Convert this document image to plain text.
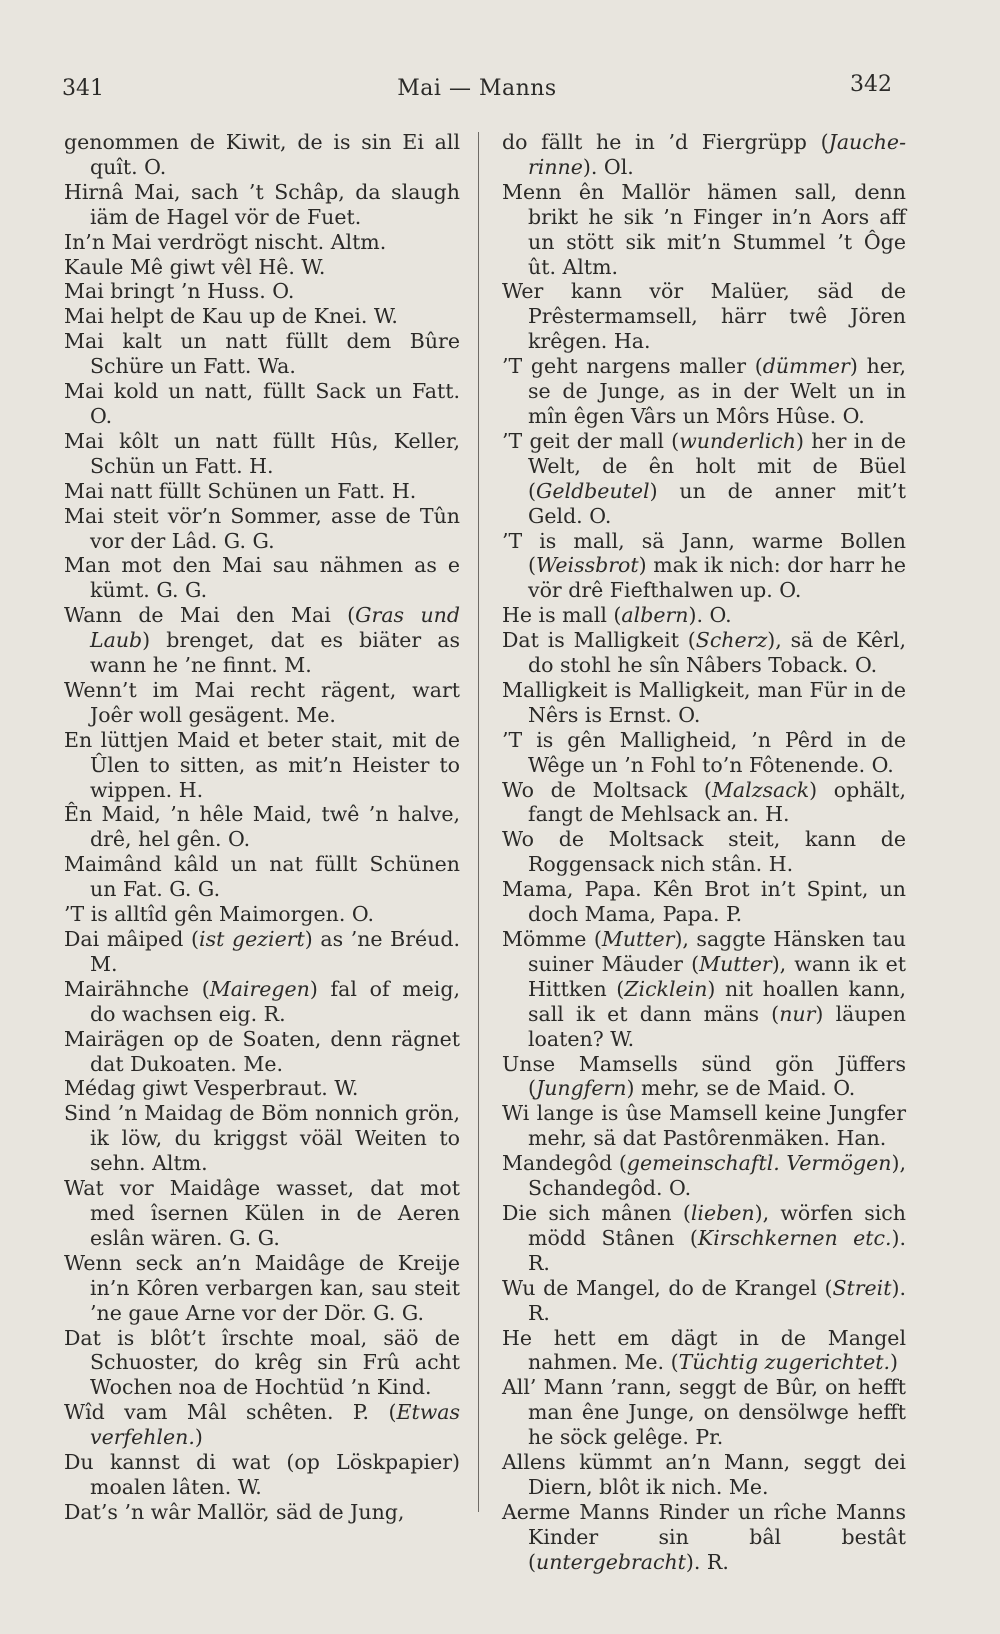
341	Mai — Manns	342

genommen de Kiwit, de is sin Ei all quît. O.

Hirnâ Mai, sach ’t Schâp, da slaugh iäm de Hagel vör de Fuet.

In’n Mai verdrögt nischt. Altm.

Kaule Mê giwt vêl Hê. W.

Mai bringt ’n Huss. O.

Mai helpt de Kau up de Knei. W.

Mai kalt un natt füllt dem Bûre Schüre un Fatt. Wa.

Mai kold un natt, füllt Sack un Fatt. O.

Mai kôlt un natt füllt Hûs, Keller, Schün un Fatt. H.

Mai natt füllt Schünen un Fatt. H.

Mai steit vör’n Sommer, asse de Tûn vor der Lâd. G. G.

Man mot den Mai sau nähmen as e kümt. G. G.

Wann de Mai den Mai (Gras und Laub) brenget, dat es biäter as wann he ’ne finnt. M.

Wenn’t im Mai recht rägent, wart Joêr woll gesägent. Me.

En lüttjen Maid et beter stait, mit de Ûlen to sitten, as mit’n Heister to wippen. H.

Ên Maid, ’n hêle Maid, twê ’n halve, drê, hel gên. O.

Maimând kâld un nat füllt Schünen un Fat. G. G.

’T is alltîd gên Maimorgen. O.

Dai mâiped (ist geziert) as ’ne Bréud. M.

Mairähnche (Mairegen) fal of meig, do wachsen eig. R.

Mairägen op de Soaten, denn rägnet dat Dukoaten. Me.

Médag giwt Vesperbraut. W.

Sind ’n Maidag de Böm nonnich grön, ik löw, du kriggst vöäl Weiten to sehn. Altm.

Wat vor Maidâge wasset, dat mot med îsernen Külen in de Aeren eslân wären. G. G.

Wenn seck an’n Maidâge de Kreije in’n Kôren verbargen kan, sau steit ’ne gaue Arne vor der Dör. G. G.

Dat is blôt’t îrschte moal, säö de Schuoster, do krêg sin Frû acht Wochen noa de Hochtüd ’n Kind.

Wîd vam Mâl schêten. P. (Etwas verfehlen.)

Du kannst di wat (op Löskpapier) moalen lâten. W.

Dat’s ’n wâr Mallör, säd de Jung,

do fällt he in ’d Fiergrüpp (Jauche-rinne). Ol.

Menn ên Mallör hämen sall, denn brikt he sik ’n Finger in’n Aors aff un stött sik mit’n Stummel ’t Ôge ût. Altm.

Wer kann vör Malüer, säd de Prêstermamsell, härr twê Jören krêgen. Ha.

’T geht nargens maller (dümmer) her, se de Junge, as in der Welt un in mîn êgen Vârs un Môrs Hûse. O.

’T geit der mall (wunderlich) her in de Welt, de ên holt mit de Büel (Geldbeutel) un de anner mit’t Geld. O.

’T is mall, sä Jann, warme Bollen (Weissbrot) mak ik nich: dor harr he vör drê Fiefthalwen up. O.

He is mall (albern). O.

Dat is Malligkeit (Scherz), sä de Kêrl, do stohl he sîn Nâbers Toback. O.

Malligkeit is Malligkeit, man Für in de Nêrs is Ernst. O.

’T is gên Malligheid, ’n Pêrd in de Wêge un ’n Fohl to’n Fôtenende. O.

Wo de Moltsack (Malzsack) ophält, fangt de Mehlsack an. H.

Wo de Moltsack steit, kann de Roggensack nich stân. H.

Mama, Papa. Kên Brot in’t Spint, un doch Mama, Papa. P.

Mömme (Mutter), saggte Hänsken tau suiner Mäuder (Mutter), wann ik et Hittken (Zicklein) nit hoallen kann, sall ik et dann mäns (nur) läupen loaten? W.

Unse Mamsells sünd gön Jüffers (Jungfern) mehr, se de Maid. O.

Wi lange is ûse Mamsell keine Jungfer mehr, sä dat Pastôrenmäken. Han.

Mandegôd (gemeinschaftl. Vermögen), Schandegôd. O.

Die sich mânen (lieben), wörfen sich mödd Stânen (Kirschkernen etc.). R.

Wu de Mangel, do de Krangel (Streit). R.

He hett em dägt in de Mangel nahmen. Me. (Tüchtig zugerichtet.)

All’ Mann ’rann, seggt de Bûr, on hefft man êne Junge, on densölwge hefft he söck gelêge. Pr.

Allens kümmt an’n Mann, seggt dei Diern, blôt ik nich. Me.

Aerme Manns Rinder un rîche Manns Kinder sin bâl bestât (untergebracht). R.
